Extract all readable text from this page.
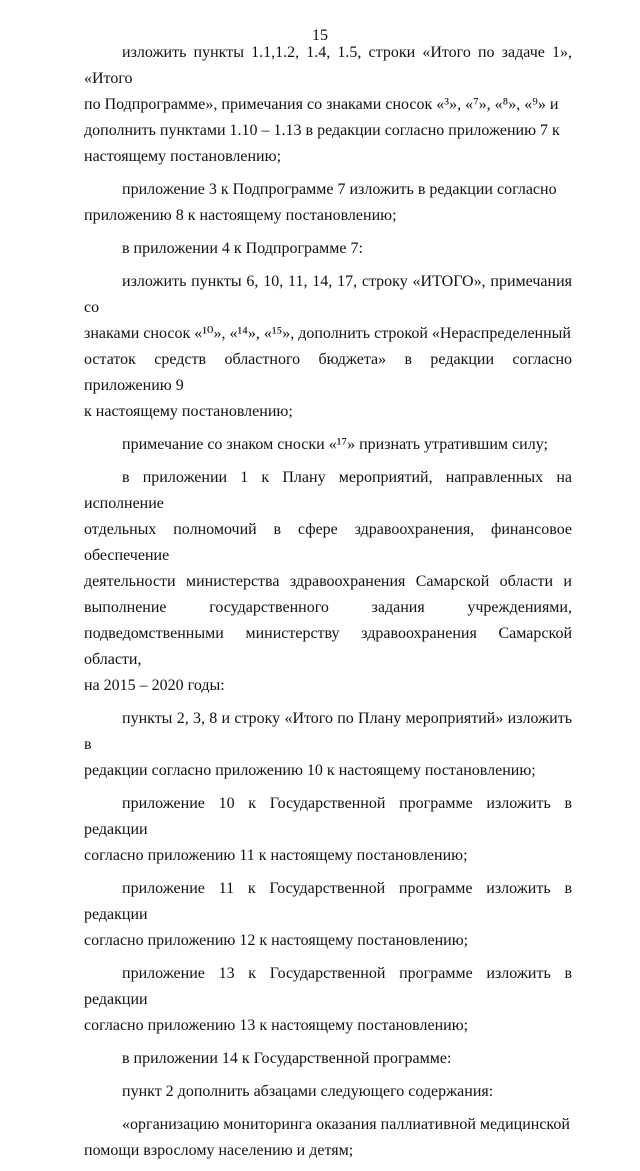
15

изложить пункты 1.1,1.2, 1.4, 1.5, строки «Итого по задаче 1», «Итого
по Подпрограмме», примечания со знаками сносок «³», «⁷», «⁸», «⁹» и
дополнить пунктами 1.10 – 1.13 в редакции согласно приложению 7 к
настоящему постановлению;

приложение 3 к Подпрограмме 7 изложить в редакции согласно
приложению 8 к настоящему постановлению;

в приложении 4 к Подпрограмме 7:

изложить пункты 6, 10, 11, 14, 17, строку «ИТОГО», примечания со
знаками сносок «¹⁰», «¹⁴», «¹⁵», дополнить строкой «Нераспределенный
остаток средств областного бюджета» в редакции согласно приложению 9
к настоящему постановлению;

примечание со знаком сноски «¹⁷» признать утратившим силу;

в приложении 1 к Плану мероприятий, направленных на исполнение
отдельных полномочий в сфере здравоохранения, финансовое обеспечение
деятельности министерства здравоохранения Самарской области и
выполнение государственного задания учреждениями,
подведомственными министерству здравоохранения Самарской области,
на 2015 – 2020 годы:

пункты 2, 3, 8 и строку «Итого по Плану мероприятий» изложить в
редакции согласно приложению 10 к настоящему постановлению;

приложение 10 к Государственной программе изложить в редакции
согласно приложению 11 к настоящему постановлению;

приложение 11 к Государственной программе изложить в редакции
согласно приложению 12 к настоящему постановлению;

приложение 13 к Государственной программе изложить в редакции
согласно приложению 13 к настоящему постановлению;

в приложении 14 к Государственной программе:

пункт 2 дополнить абзацами следующего содержания:

«организацию мониторинга оказания паллиативной медицинской
помощи взрослому населению и детям;
